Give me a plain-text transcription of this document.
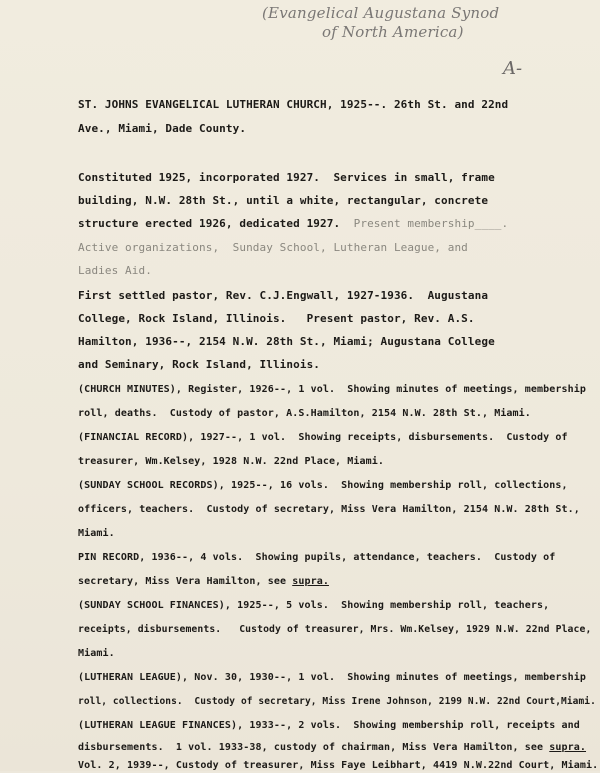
(Evangelical Augustana Synod
of North America)
A-
ST. JOHNS EVANGELICAL LUTHERAN CHURCH, 1925--. 26th St. and 22nd
Ave., Miami, Dade County.
Constituted 1925, incorporated 1927.  Services in small, frame
building, N.W. 28th St., until a white, rectangular, concrete
structure erected 1926, dedicated 1927.  Present membership____.
Active organizations,  Sunday School, Lutheran League, and
Ladies Aid.
First settled pastor, Rev. C.J.Engwall, 1927-1936.  Augustana
College, Rock Island, Illinois.   Present pastor, Rev. A.S.
Hamilton, 1936--, 2154 N.W. 28th St., Miami; Augustana College
and Seminary, Rock Island, Illinois.
(CHURCH MINUTES), Register, 1926--, 1 vol.  Showing minutes of meetings, membership
roll, deaths.  Custody of pastor, A.S.Hamilton, 2154 N.W. 28th St., Miami.
(FINANCIAL RECORD), 1927--, 1 vol.  Showing receipts, disbursements.  Custody of
treasurer, Wm.Kelsey, 1928 N.W. 22nd Place, Miami.
(SUNDAY SCHOOL RECORDS), 1925--, 16 vols.  Showing membership roll, collections,
officers, teachers.  Custody of secretary, Miss Vera Hamilton, 2154 N.W. 28th St.,
Miami.
PIN RECORD, 1936--, 4 vols.  Showing pupils, attendance, teachers.  Custody of
secretary, Miss Vera Hamilton, see supra.
(SUNDAY SCHOOL FINANCES), 1925--, 5 vols.  Showing membership roll, teachers,
receipts, disbursements.   Custody of treasurer, Mrs. Wm.Kelsey, 1929 N.W. 22nd Place,
Miami.
(LUTHERAN LEAGUE), Nov. 30, 1930--, 1 vol.  Showing minutes of meetings, membership
roll, collections.  Custody of secretary, Miss Irene Johnson, 2199 N.W. 22nd Court,Miami.
(LUTHERAN LEAGUE FINANCES), 1933--, 2 vols.  Showing membership roll, receipts and
disbursements.  1 vol. 1933-38, custody of chairman, Miss Vera Hamilton, see supra.
Vol. 2, 1939--, Custody of treasurer, Miss Faye Leibhart, 4419 N.W.22nd Court, Miami.
